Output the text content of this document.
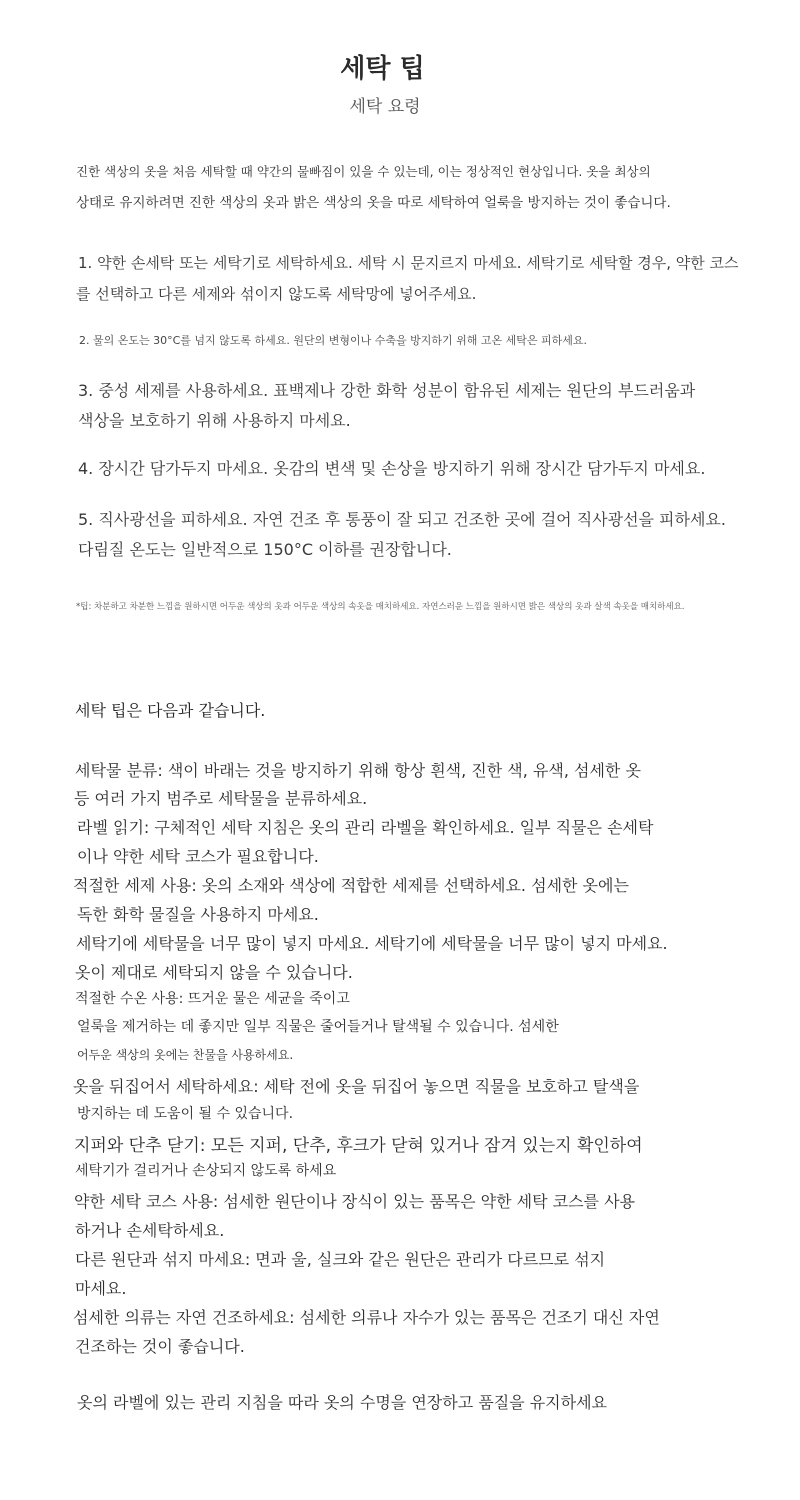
세탁 팁
세탁 요령
진한 색상의 옷을 처음 세탁할 때 약간의 물빠짐이 있을 수 있는데, 이는 정상적인 현상입니다. 옷을 최상의
상태로 유지하려면 진한 색상의 옷과 밝은 색상의 옷을 따로 세탁하여 얼룩을 방지하는 것이 좋습니다.
1. 약한 손세탁 또는 세탁기로 세탁하세요. 세탁 시 문지르지 마세요. 세탁기로 세탁할 경우, 약한 코스
를 선택하고 다른 세제와 섞이지 않도록 세탁망에 넣어주세요.
2. 물의 온도는 30°C를 넘지 않도록 하세요. 원단의 변형이나 수축을 방지하기 위해 고온 세탁은 피하세요.
3. 중성 세제를 사용하세요. 표백제나 강한 화학 성분이 함유된 세제는 원단의 부드러움과
색상을 보호하기 위해 사용하지 마세요.
4. 장시간 담가두지 마세요. 옷감의 변색 및 손상을 방지하기 위해 장시간 담가두지 마세요.
5. 직사광선을 피하세요. 자연 건조 후 통풍이 잘 되고 건조한 곳에 걸어 직사광선을 피하세요.
다림질 온도는 일반적으로 150°C 이하를 권장합니다.
*팁: 차분하고 차분한 느낌을 원하시면 어두운 색상의 옷과 어두운 색상의 속옷을 매치하세요. 자연스러운 느낌을 원하시면 밝은 색상의 옷과 살색 속옷을 매치하세요.
세탁 팁은 다음과 같습니다.
세탁물 분류: 색이 바래는 것을 방지하기 위해 항상 흰색, 진한 색, 유색, 섬세한 옷
등 여러 가지 범주로 세탁물을 분류하세요.
라벨 읽기: 구체적인 세탁 지침은 옷의 관리 라벨을 확인하세요. 일부 직물은 손세탁
이나 약한 세탁 코스가 필요합니다.
적절한 세제 사용: 옷의 소재와 색상에 적합한 세제를 선택하세요. 섬세한 옷에는
독한 화학 물질을 사용하지 마세요.
세탁기에 세탁물을 너무 많이 넣지 마세요. 세탁기에 세탁물을 너무 많이 넣지 마세요.
옷이 제대로 세탁되지 않을 수 있습니다.
적절한 수온 사용: 뜨거운 물은 세균을 죽이고
얼룩을 제거하는 데 좋지만 일부 직물은 줄어들거나 탈색될 수 있습니다. 섬세한
어두운 색상의 옷에는 찬물을 사용하세요.
옷을 뒤집어서 세탁하세요: 세탁 전에 옷을 뒤집어 놓으면 직물을 보호하고 탈색을
방지하는 데 도움이 될 수 있습니다.
지퍼와 단추 닫기: 모든 지퍼, 단추, 후크가 닫혀 있거나 잠겨 있는지 확인하여
세탁기가 걸리거나 손상되지 않도록 하세요
약한 세탁 코스 사용: 섬세한 원단이나 장식이 있는 품목은 약한 세탁 코스를 사용
하거나 손세탁하세요.
다른 원단과 섞지 마세요: 면과 울, 실크와 같은 원단은 관리가 다르므로 섞지
마세요.
섬세한 의류는 자연 건조하세요: 섬세한 의류나 자수가 있는 품목은 건조기 대신 자연
건조하는 것이 좋습니다.
옷의 라벨에 있는 관리 지침을 따라 옷의 수명을 연장하고 품질을 유지하세요
